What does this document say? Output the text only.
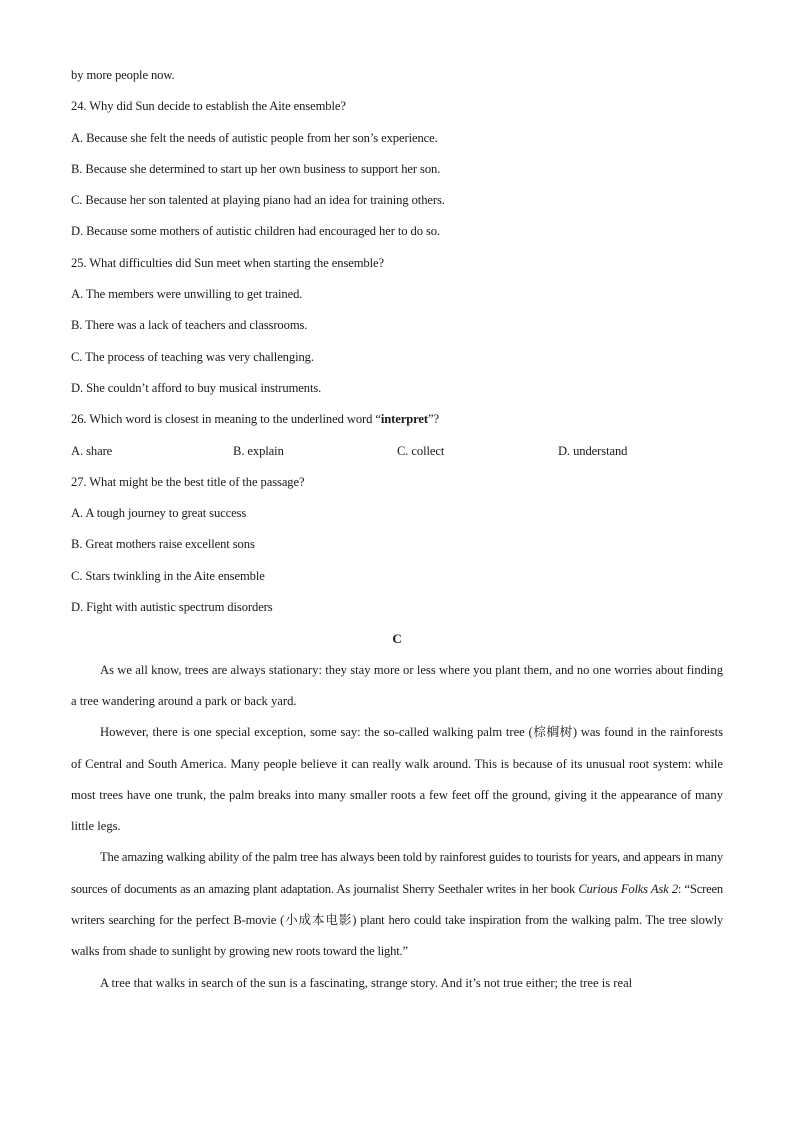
by more people now.
24. Why did Sun decide to establish the Aite ensemble?
A. Because she felt the needs of autistic people from her son’s experience.
B. Because she determined to start up her own business to support her son.
C. Because her son talented at playing piano had an idea for training others.
D. Because some mothers of autistic children had encouraged her to do so.
25. What difficulties did Sun meet when starting the ensemble?
A. The members were unwilling to get trained.
B. There was a lack of teachers and classrooms.
C. The process of teaching was very challenging.
D. She couldn’t afford to buy musical instruments.
26. Which word is closest in meaning to the underlined word “interpret”?
A. share	B. explain	C. collect	D. understand
27. What might be the best title of the passage?
A. A tough journey to great success
B. Great mothers raise excellent sons
C. Stars twinkling in the Aite ensemble
D. Fight with autistic spectrum disorders
C
As we all know, trees are always stationary: they stay more or less where you plant them, and no one worries about finding a tree wandering around a park or back yard.
However, there is one special exception, some say: the so-called walking palm tree (棕榈树) was found in the rainforests of Central and South America. Many people believe it can really walk around. This is because of its unusual root system: while most trees have one trunk, the palm breaks into many smaller roots a few feet off the ground, giving it the appearance of many little legs.
The amazing walking ability of the palm tree has always been told by rainforest guides to tourists for years, and appears in many sources of documents as an amazing plant adaptation. As journalist Sherry Seethaler writes in her book Curious Folks Ask 2: “Screen writers searching for the perfect B-movie (小成本电影) plant hero could take inspiration from the walking palm. The tree slowly walks from shade to sunlight by growing new roots toward the light.”
A tree that walks in search of the sun is a fascinating, strange story. And it’s not true either; the tree is real
